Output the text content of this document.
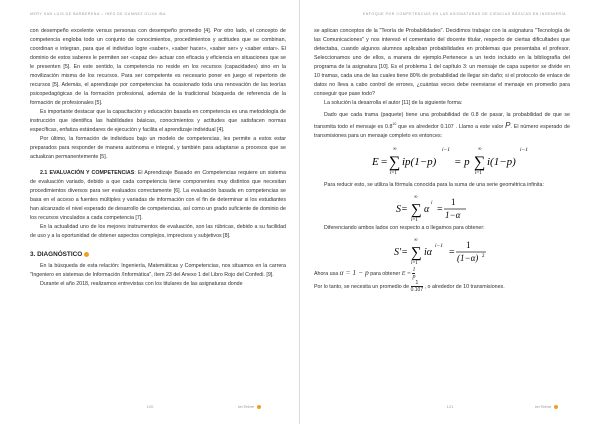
MERY SAN LUIS DE BARBERENA – INÉS DE GUMNEZ OLIVA IBA

con desempeño excelente versus personas con desempeño promedio [4]. Por otro lado, el concepto de competencia engloba todo un conjunto de conocimientos, procedimientos y actitudes que se combinan, coordinan e integran, para que el individuo logre «saber», «saber hacer», «saber ser» y «saber estar». El dominio de estos saberes le permiten ser «capaz de» actuar con eficacia y eficiencia en situaciones que se le presenten [5]. En este sentido, la competencia no reside en los recursos (capacidades) sino en la movilización misma de los recursos. Para ser competente es necesario poner en juego el repertorio de recursos [5]. Además, el aprendizaje por competencias ha ocasionado toda una renovación de las teorías psicopedagógicas de la formación profesional, además de la tradicional búsqueda de referencia de la formación de profesionales [5].

Es importante destacar que la capacitación y educación basada en competencia es una metodología de instrucción que identifica las habilidades básicas, conocimientos y actitudes que satisfacen normas específicas, enfatiza estándares de ejecución y facilita el aprendizaje individual [4].

Por último, la formación de individuos bajo un modelo de competencias, les permite a estos estar preparados para responder de manera autónoma e integral, y también para adaptarse a procesos que se actualizan permanentemente [5].

2.1 EVALUACIÓN Y COMPETENCIAS: El Aprendizaje Basado en Competencias requiere un sistema de evaluación variado, debido a que cada competencia tiene componentes muy distintos que necesitan procedimientos diversos para ser evaluados correctamente [6]. La evaluación basada en competencias se basa en el acceso a fuentes múltiples y variadas de información con el fin de determinar si los estudiantes han alcanzado el nivel esperado de desarrollo de competencias, así como un grado suficiente de dominio de los recursos vinculados a cada competencia [7].

En la actualidad uno de los mejores instrumentos de evaluación, son las rúbricas, debido a su facilidad de uso y a la oportunidad de obtener aspectos complejos, imprecisos y subjetivos [8].

3. DIAGNÓSTICO

En la búsqueda de esta relación: Ingeniería, Matemáticas y Competencias, nos situamos en la carrera "Ingeniero en sistemas de Información /Informática", ítem 23 del Anexo 1 del Libro Rojo del Confedi. [9].

Durante el año 2018, realizamos entrevistas con los titulares de las asignaturas donde

120	tecTekne
ENFOQUE POR COMPETENCIAS EN LAS ASIGNATURAS DE CIENCIAS BÁSICAS EN INGENIERÍA

se aplican conceptos de la "Teoría de Probabilidades". Decidimos trabajar con la asignatura "Tecnología de las Comunicaciones" y nos interesó el comentario del docente titular, respecto de ciertas dificultades que detectaba, cuando algunos alumnos aplicaban probabilidades en problemas que presentaba el profesor. Seleccionamos uno de ellos, a manera de ejemplo.Pertenece a un texto incluido en la bibliografía del programa de la asignatura [10]. Es el problema 1 del capítulo 3: un mensaje de capa superior se divide en 10 tramas, cada una de las cuales tiene 80% de probabilidad de llegar sin daño; si el protocolo de enlace de datos no lleva a cabo control de errores, ¿cuántas veces debe reenviarse el mensaje en promedio para conseguir que pase todo?

La solución la desarrolla el autor [11] de la siguiente forma:

Dado que cada trama (paquete) tiene una probabilidad de 0.8 de pasar, la probabilidad de que se transmita todo el mensaje es $0.8^{10}$ que es alrededor 0.107 . Llamo a este valor P. El número esperado de transmisiones para un mensaje completo es entonces:

E = ∑
∞
i=1
ip(1−p)
i−1
= p ∑
∞
i=1
i(1−p)
i−1

Para reducir esto, se utiliza la fórmula conocida para la suma de una serie geométrica infinita:

S= ∑
∞
i=1
α
i
=
1
1−α

Diferenciando ambos lados con respecto a α llegamos para obtener:

S'= ∑
∞
i=1
iα
i−1
=
1
(1−α) 2

Ahora usa α = 1 − p para obtener $E = \frac{1}{p}$

Por lo tanto, se necesita un promedio de $\frac{1}{0.107}$ , o alrededor de 10 transmisiones.

121	tecTekne
